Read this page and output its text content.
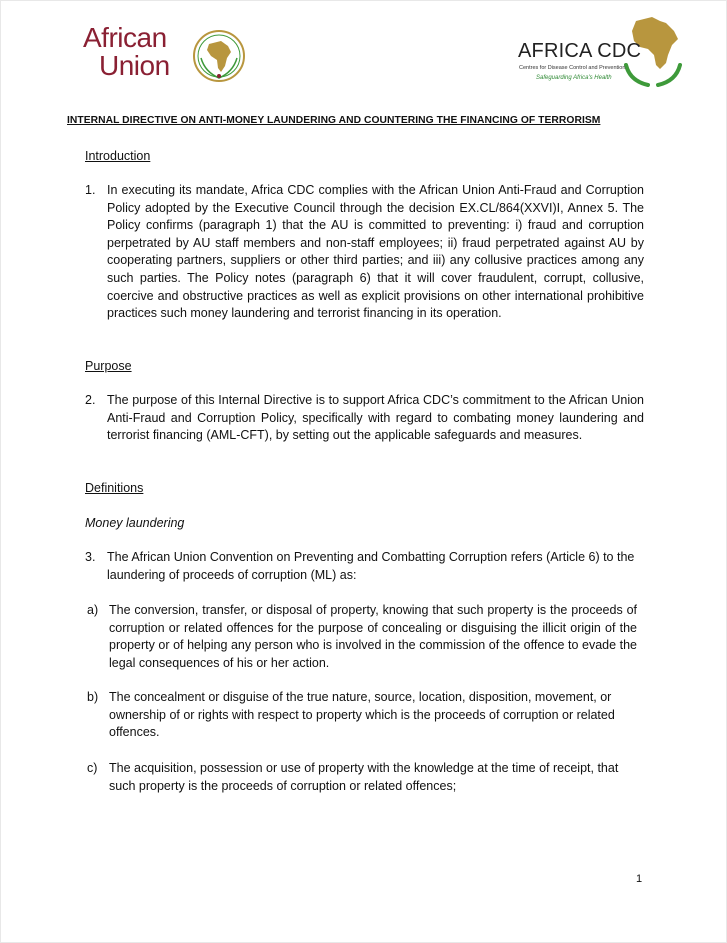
African
Union	AFRICA CDC
Centres for Disease Control and Prevention
Safeguarding Africa's Health
INTERNAL DIRECTIVE ON ANTI-MONEY LAUNDERING AND COUNTERING THE FINANCING OF TERRORISM
Introduction
1. In executing its mandate, Africa CDC complies with the African Union Anti-Fraud and Corruption Policy adopted by the Executive Council through the decision EX.CL/864(XXVI)I, Annex 5. The Policy confirms (paragraph 1) that the AU is committed to preventing: i) fraud and corruption perpetrated by AU staff members and non-staff employees; ii) fraud perpetrated against AU by cooperating partners, suppliers or other third parties; and iii) any collusive practices among any such parties. The Policy notes (paragraph 6) that it will cover fraudulent, corrupt, collusive, coercive and obstructive practices as well as explicit provisions on other international prohibitive practices such money laundering and terrorist financing in its operation.
Purpose
2. The purpose of this Internal Directive is to support Africa CDC’s commitment to the African Union Anti-Fraud and Corruption Policy, specifically with regard to combating money laundering and terrorist financing (AML-CFT), by setting out the applicable safeguards and measures.
Definitions
Money laundering
3. The African Union Convention on Preventing and Combatting Corruption refers (Article 6) to the laundering of proceeds of corruption (ML) as:
a) The conversion, transfer, or disposal of property, knowing that such property is the proceeds of corruption or related offences for the purpose of concealing or disguising the illicit origin of the property or of helping any person who is involved in the commission of the offence to evade the legal consequences of his or her action.
b) The concealment or disguise of the true nature, source, location, disposition, movement, or ownership of or rights with respect to property which is the proceeds of corruption or related offences.
c) The acquisition, possession or use of property with the knowledge at the time of receipt, that such property is the proceeds of corruption or related offences;
1
